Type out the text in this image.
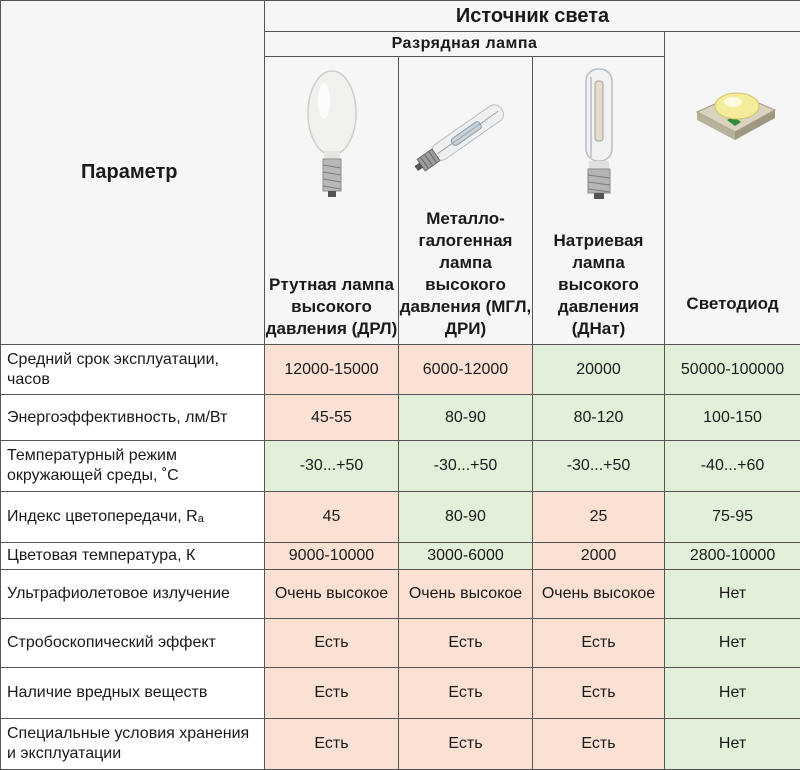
Параметр	Источник света			
	Разрядная лампа			Светодиод

	Ртутная лампа высокого давления (ДРЛ)	Металло-галогенная лампа высокого давления (МГЛ, ДРИ)	Натриевая лампа высокого давления (ДНат)	

Средний срок эксплуатации, часов	12000-15000	6000-12000	20000	50000-100000
Энергоэффективность, лм/Вт	45-55	80-90	80-120	100-150
Температурный режим окружающей среды, ˚С	-30...+50	-30...+50	-30...+50	-40...+60
Индекс цветопередачи, Rₐ	45	80-90	25	75-95
Цветовая температура, К	9000-10000	3000-6000	2000	2800-10000
Ультрафиолетовое излучение	Очень высокое	Очень высокое	Очень высокое	Нет
Стробоскопический эффект	Есть	Есть	Есть	Нет
Наличие вредных веществ	Есть	Есть	Есть	Нет
Специальные условия хранения и эксплуатации	Есть	Есть	Есть	Нет
